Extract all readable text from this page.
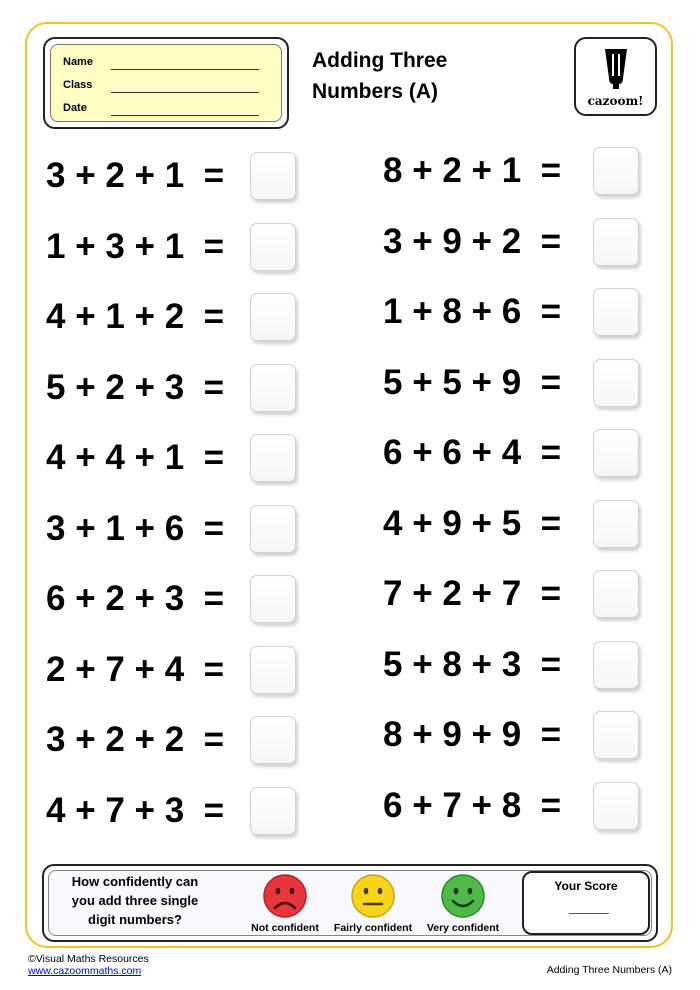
Name
Class
Date
Adding Three
Numbers (A)	cazoom!
3 + 2 + 1  =
1 + 3 + 1  =
4 + 1 + 2  =
5 + 2 + 3  =
4 + 4 + 1  =
3 + 1 + 6  =
6 + 2 + 3  =
2 + 7 + 4  =
3 + 2 + 2  =
4 + 7 + 3  =
8 + 2 + 1  =
3 + 9 + 2  =
1 + 8 + 6  =
5 + 5 + 9  =
6 + 6 + 4  =
4 + 9 + 5  =
7 + 2 + 7  =
5 + 8 + 3  =
8 + 9 + 9  =
6 + 7 + 8  =
How confidently can you add three single digit numbers?
Not confident	Fairly confident	Very confident
Your Score
©Visual Maths Resources
www.cazoommaths.com	Adding Three Numbers (A)
